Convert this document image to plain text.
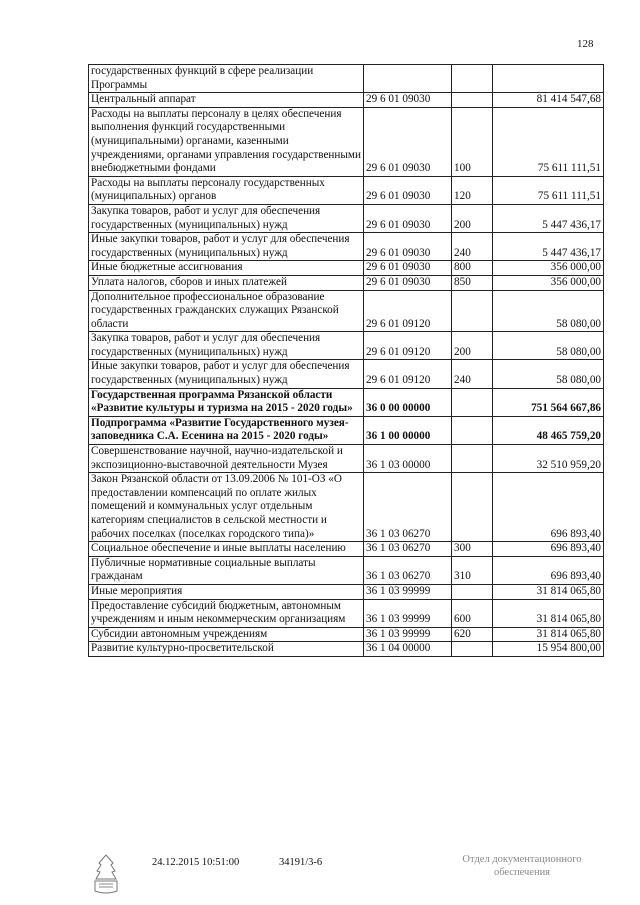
128
государственных функций в сфере реализации Программы			
Центральный аппарат	29 6 01 09030		81 414 547,68
Расходы на выплаты персоналу в целях обеспечения выполнения функций государственными (муниципальными) органами, казенными учреждениями, органами управления государственными внебюджетными фондами	29 6 01 09030	100	75 611 111,51
Расходы на выплаты персоналу государственных (муниципальных) органов	29 6 01 09030	120	75 611 111,51
Закупка товаров, работ и услуг для обеспечения государственных (муниципальных) нужд	29 6 01 09030	200	5 447 436,17
Иные закупки товаров, работ и услуг для обеспечения государственных (муниципальных) нужд	29 6 01 09030	240	5 447 436,17
Иные бюджетные ассигнования	29 6 01 09030	800	356 000,00
Уплата налогов, сборов и иных платежей	29 6 01 09030	850	356 000,00
Дополнительное профессиональное образование государственных гражданских служащих Рязанской области	29 6 01 09120		58 080,00
Закупка товаров, работ и услуг для обеспечения государственных (муниципальных) нужд	29 6 01 09120	200	58 080,00
Иные закупки товаров, работ и услуг для обеспечения государственных (муниципальных) нужд	29 6 01 09120	240	58 080,00
Государственная программа Рязанской области «Развитие культуры и туризма на 2015 - 2020 годы»	36 0 00 00000		751 564 667,86
Подпрограмма «Развитие Государственного музея-заповедника С.А. Есенина на 2015 - 2020 годы»	36 1 00 00000		48 465 759,20
Совершенствование научной, научно-издательской и экспозиционно-выставочной деятельности Музея	36 1 03 00000		32 510 959,20
Закон Рязанской области от 13.09.2006 № 101-ОЗ «О предоставлении компенсаций по оплате жилых помещений и коммунальных услуг отдельным категориям специалистов в сельской местности и рабочих поселках (поселках городского типа)»	36 1 03 06270		696 893,40
Социальное обеспечение и иные выплаты населению	36 1 03 06270	300	696 893,40
Публичные нормативные социальные выплаты гражданам	36 1 03 06270	310	696 893,40
Иные мероприятия	36 1 03 99999		31 814 065,80
Предоставление субсидий бюджетным, автономным учреждениям и иным некоммерческим организациям	36 1 03 99999	600	31 814 065,80
Субсидии автономным учреждениям	36 1 03 99999	620	31 814 065,80
Развитие культурно-просветительской	36 1 04 00000		15 954 800,00
24.12.2015 10:51:00	34191/3-6	Отдел документационного
обеспечения
